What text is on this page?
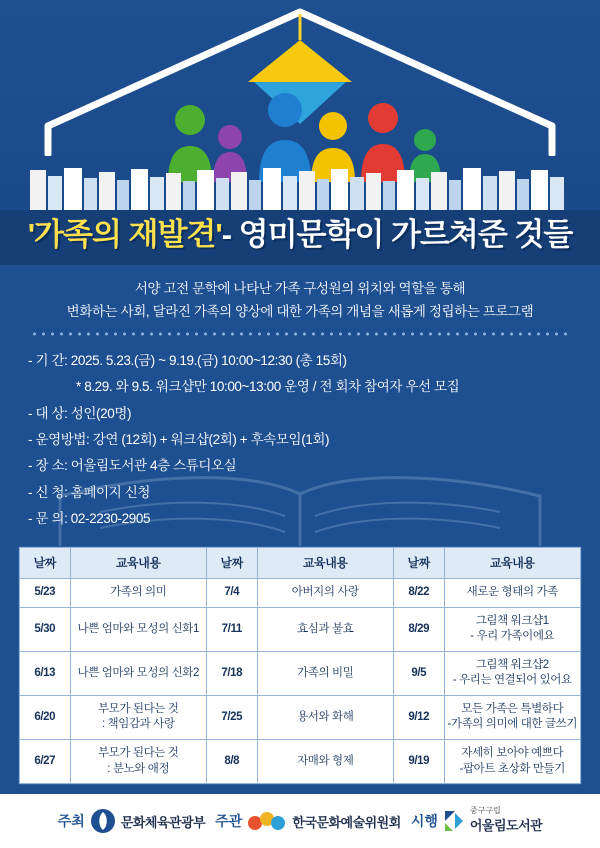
'가족의 재발견'- 영미문학이 가르쳐준 것들
서양 고전 문학에 나타난 가족 구성원의 위치와 역할을 통해
변화하는 사회, 달라진 가족의 양상에 대한 가족의 개념을 새롭게 정립하는 프로그램
- 기 간: 2025. 5.23.(금) ~ 9.19.(금) 10:00~12:30 (총 15회)
* 8.29. 와 9.5. 워크샵만 10:00~13:00 운영 / 전 회차 참여자 우선 모집
- 대 상: 성인(20명)
- 운영방법: 강연 (12회) + 워크샵(2회) + 후속모임(1회)
- 장 소: 어울림도서관 4층 스튜디오실
- 신 청: 홈페이지 신청
- 문 의: 02-2230-2905
날짜	교육내용	날짜	교육내용	날짜	교육내용
5/23	가족의 의미	7/4	아버지의 사랑	8/22	새로운 형태의 가족
5/30	나쁜 엄마와 모성의 신화1	7/11	효심과 불효	8/29	그림책 워크샵1
- 우리 가족이에요
6/13	나쁜 엄마와 모성의 신화2	7/18	가족의 비밀	9/5	그림책 워크샵2
- 우리는 연결되어 있어요
6/20	부모가 된다는 것
: 책임감과 사랑	7/25	용서와 화해	9/12	모든 가족은 특별하다
-가족의 의미에 대한 글쓰기
6/27	부모가 된다는 것
: 분노와 애정	8/8	자매와 형제	9/19	자세히 보아야 예쁘다
-팝아트 초상화 만들기
주최	문화체육관광부 주관	한국문화예술위원회 시행
중구구립
어울림도서관
